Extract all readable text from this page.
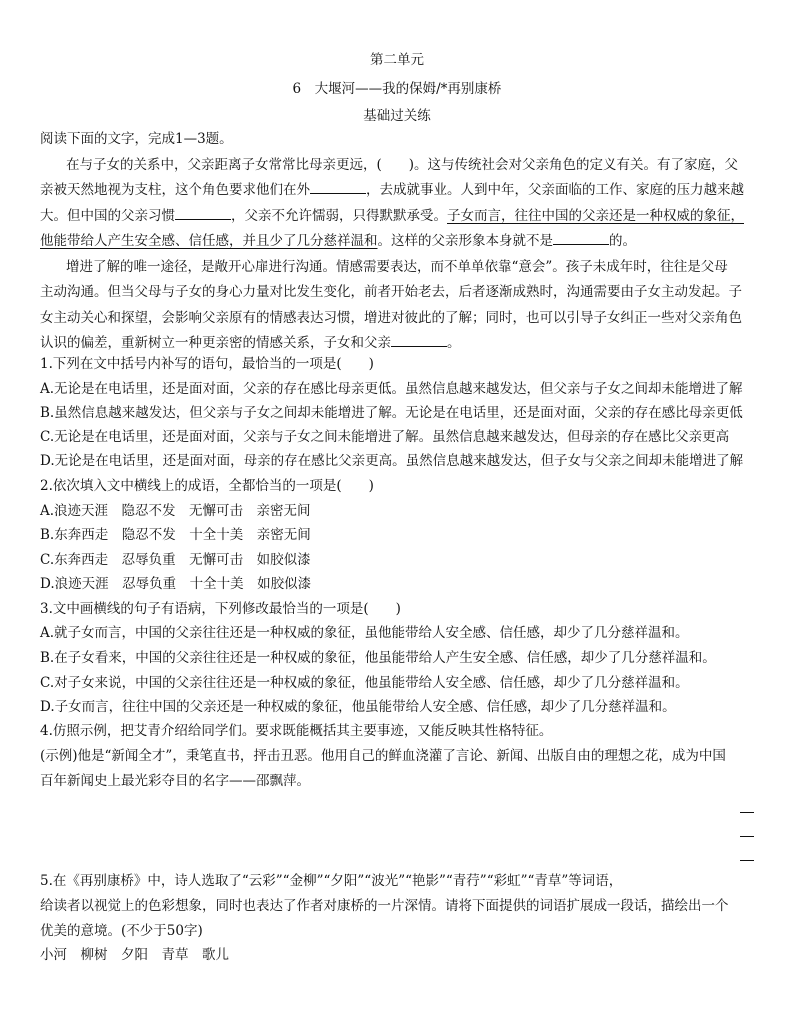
第二单元
6　大堰河——我的保姆/*再别康桥
基础过关练
阅读下面的文字，完成1—3题。
在与子女的关系中，父亲距离子女常常比母亲更远，(　　)。这与传统社会对父亲角色的定义有关。有了家庭，父
亲被天然地视为支柱，这个角色要求他们在外	，去成就事业。人到中年，父亲面临的工作、家庭的压力越来越
大。但中国的父亲习惯	，父亲不允许懦弱，只得默默承受。子女而言，往往中国的父亲还是一种权威的象征，
他能带给人产生安全感、信任感，并且少了几分慈祥温和。这样的父亲形象本身就不是	的。
增进了解的唯一途径，是敞开心扉进行沟通。情感需要表达，而不单单依靠“意会”。孩子未成年时，往往是父母
主动沟通。但当父母与子女的身心力量对比发生变化，前者开始老去，后者逐渐成熟时，沟通需要由子女主动发起。子
女主动关心和探望，会影响父亲原有的情感表达习惯，增进对彼此的了解；同时，也可以引导子女纠正一些对父亲角色
认识的偏差，重新树立一种更亲密的情感关系，子女和父亲	。
1.下列在文中括号内补写的语句，最恰当的一项是(　　)
A.无论是在电话里，还是面对面，父亲的存在感比母亲更低。虽然信息越来越发达，但父亲与子女之间却未能增进了解
B.虽然信息越来越发达，但父亲与子女之间却未能增进了解。无论是在电话里，还是面对面，父亲的存在感比母亲更低
C.无论是在电话里，还是面对面，父亲与子女之间未能增进了解。虽然信息越来越发达，但母亲的存在感比父亲更高
D.无论是在电话里，还是面对面，母亲的存在感比父亲更高。虽然信息越来越发达，但子女与父亲之间却未能增进了解
2.依次填入文中横线上的成语，全都恰当的一项是(　　)
A.浪迹天涯　隐忍不发　无懈可击　亲密无间
B.东奔西走　隐忍不发　十全十美　亲密无间
C.东奔西走　忍辱负重　无懈可击　如胶似漆
D.浪迹天涯　忍辱负重　十全十美　如胶似漆
3.文中画横线的句子有语病，下列修改最恰当的一项是(　　)
A.就子女而言，中国的父亲往往还是一种权威的象征，虽他能带给人安全感、信任感，却少了几分慈祥温和。
B.在子女看来，中国的父亲往往还是一种权威的象征，他虽能带给人产生安全感、信任感，却少了几分慈祥温和。
C.对子女来说，中国的父亲往往还是一种权威的象征，他虽能带给人安全感、信任感，却少了几分慈祥温和。
D.子女而言，往往中国的父亲还是一种权威的象征，他虽能带给人安全感、信任感，却少了几分慈祥温和。
4.仿照示例，把艾青介绍给同学们。要求既能概括其主要事迹，又能反映其性格特征。
(示例)他是“新闻全才”，秉笔直书，抨击丑恶。他用自己的鲜血浇灌了言论、新闻、出版自由的理想之花，成为中国
百年新闻史上最光彩夺目的名字——邵飘萍。
5.在《再别康桥》中，诗人选取了“云彩”“金柳”“夕阳”“波光”“艳影”“青荇”“彩虹”“青草”等词语，
给读者以视觉上的色彩想象，同时也表达了作者对康桥的一片深情。请将下面提供的词语扩展成一段话，描绘出一个
优美的意境。(不少于50字)
小河　柳树　夕阳　青草　歌儿
